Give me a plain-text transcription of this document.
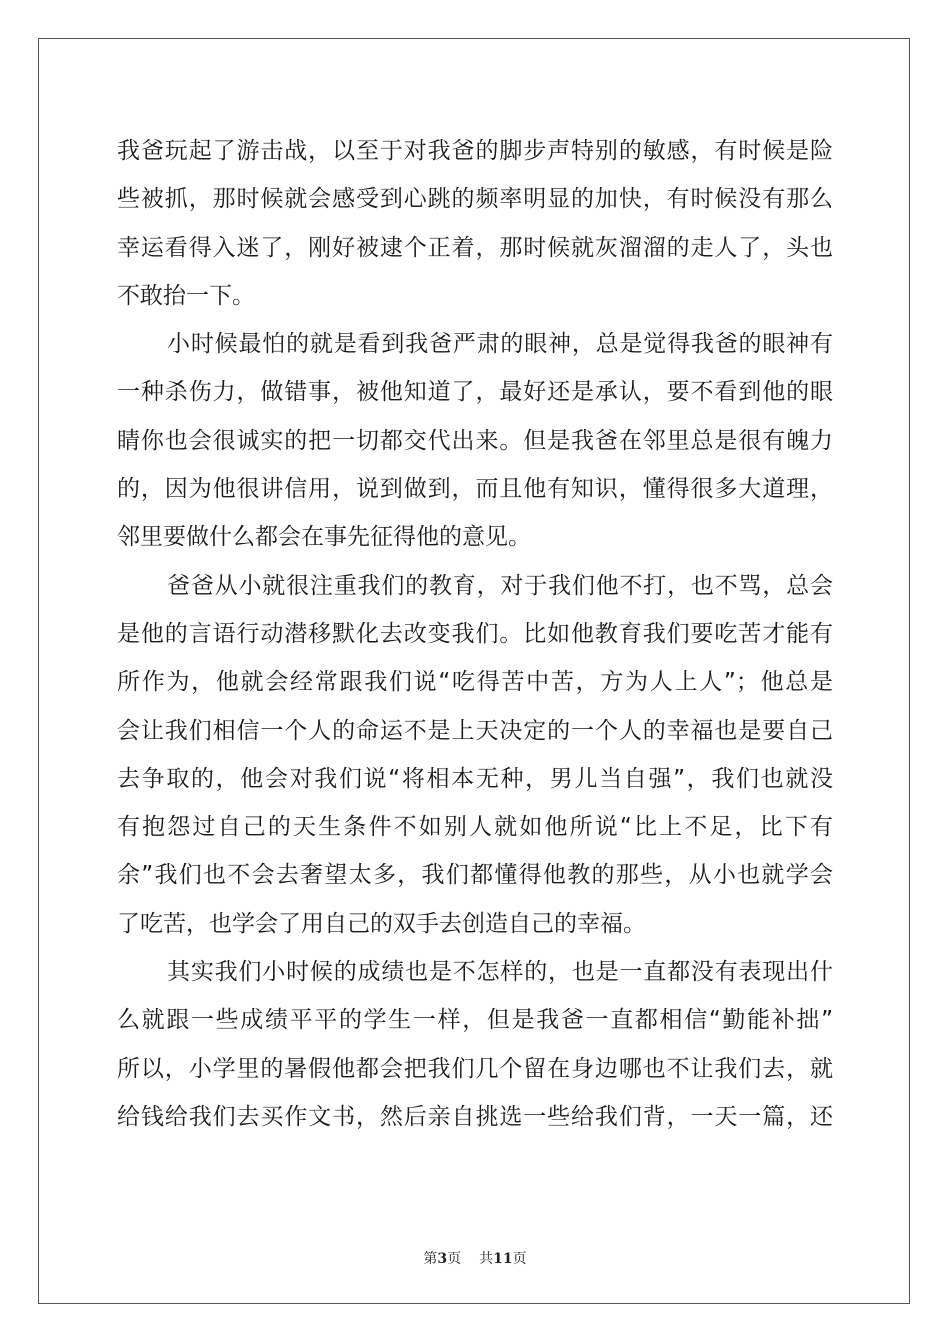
我爸玩起了游击战，以至于对我爸的脚步声特别的敏感，有时候是险
些被抓，那时候就会感受到心跳的频率明显的加快，有时候没有那么
幸运看得入迷了，刚好被逮个正着，那时候就灰溜溜的走人了，头也
不敢抬一下。
小时候最怕的就是看到我爸严肃的眼神，总是觉得我爸的眼神有
一种杀伤力，做错事，被他知道了，最好还是承认，要不看到他的眼
睛你也会很诚实的把一切都交代出来。但是我爸在邻里总是很有魄力
的，因为他很讲信用，说到做到，而且他有知识，懂得很多大道理，
邻里要做什么都会在事先征得他的意见。
爸爸从小就很注重我们的教育，对于我们他不打，也不骂，总会
是他的言语行动潜移默化去改变我们。比如他教育我们要吃苦才能有
所作为，他就会经常跟我们说“吃得苦中苦，方为人上人”；他总是
会让我们相信一个人的命运不是上天决定的一个人的幸福也是要自己
去争取的，他会对我们说“将相本无种，男儿当自强”，我们也就没
有抱怨过自己的天生条件不如别人就如他所说“比上不足，比下有
余”我们也不会去奢望太多，我们都懂得他教的那些，从小也就学会
了吃苦，也学会了用自己的双手去创造自己的幸福。
其实我们小时候的成绩也是不怎样的，也是一直都没有表现出什
么就跟一些成绩平平的学生一样，但是我爸一直都相信“勤能补拙”
所以，小学里的暑假他都会把我们几个留在身边哪也不让我们去，就
给钱给我们去买作文书，然后亲自挑选一些给我们背，一天一篇，还
第3页 共11页
